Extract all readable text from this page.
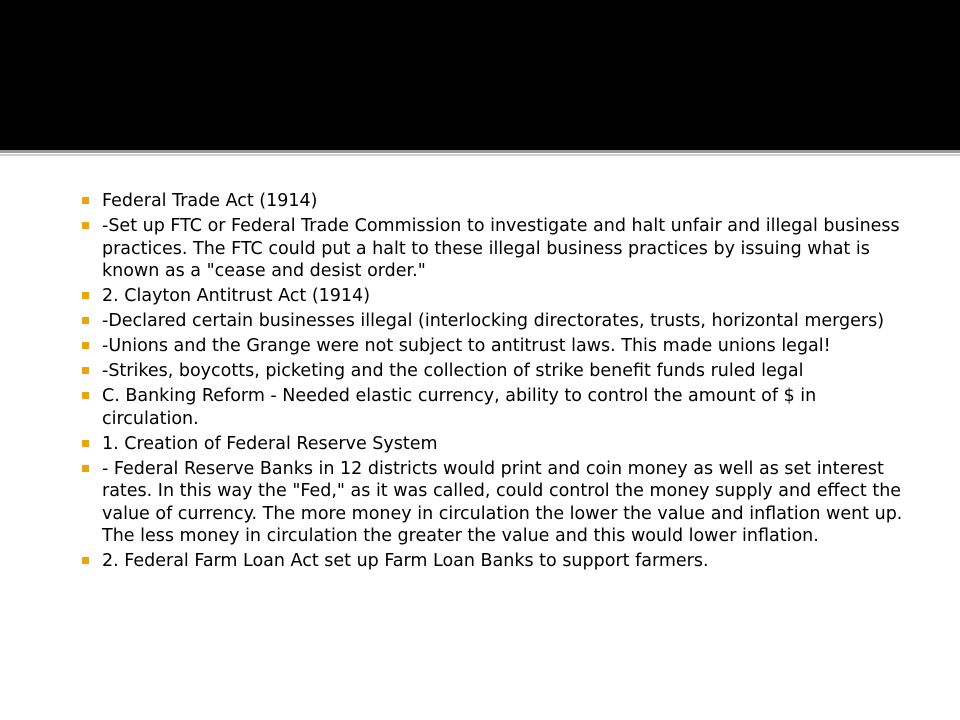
Federal Trade Act (1914)
-Set up FTC or Federal Trade Commission to investigate and halt unfair and illegal business practices. The FTC could put a halt to these illegal business practices by issuing what is known as a "cease and desist order."
2. Clayton Antitrust Act (1914)
-Declared certain businesses illegal (interlocking directorates, trusts, horizontal mergers)
-Unions and the Grange were not subject to antitrust laws. This made unions legal!
-Strikes, boycotts, picketing and the collection of strike benefit funds ruled legal
C. Banking Reform - Needed elastic currency, ability to control the amount of $ in circulation.
1. Creation of Federal Reserve System
- Federal Reserve Banks in 12 districts would print and coin money as well as set interest rates. In this way the "Fed," as it was called, could control the money supply and effect the value of currency. The more money in circulation the lower the value and inflation went up. The less money in circulation the greater the value and this would lower inflation.
2. Federal Farm Loan Act set up Farm Loan Banks to support farmers.
